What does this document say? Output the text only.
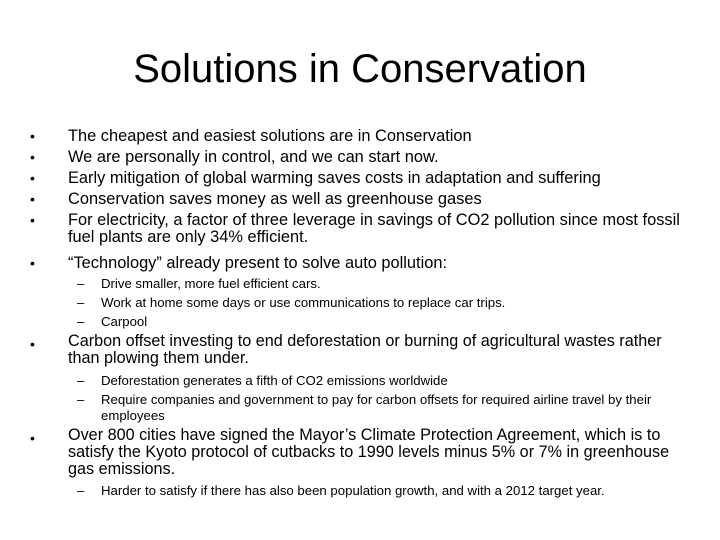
Solutions in Conservation
•	The cheapest and easiest solutions are in Conservation

•	We are personally in control, and we can start now.

•	Early mitigation of global warming saves costs in adaptation and suffering

•	Conservation saves money as well as greenhouse gases

•	For electricity, a factor of three leverage in savings of CO2 pollution since most fossil fuel plants are only 34% efficient.

•	“Technology” already present to solve auto pollution:

–	Drive smaller, more fuel efficient cars.

–	Work at home some days or use communications to replace car trips.

–	Carpool

•	Carbon offset investing to end deforestation or burning of agricultural wastes rather than plowing them under.

–	Deforestation generates a fifth of CO2 emissions worldwide

–	Require companies and government to pay for carbon offsets for required airline travel by their employees

•	Over 800 cities have signed the Mayor’s Climate Protection Agreement, which is to satisfy the Kyoto protocol of cutbacks to 1990 levels minus 5% or 7% in greenhouse gas emissions.

–	Harder to satisfy if there has also been population growth, and with a 2012 target year.
